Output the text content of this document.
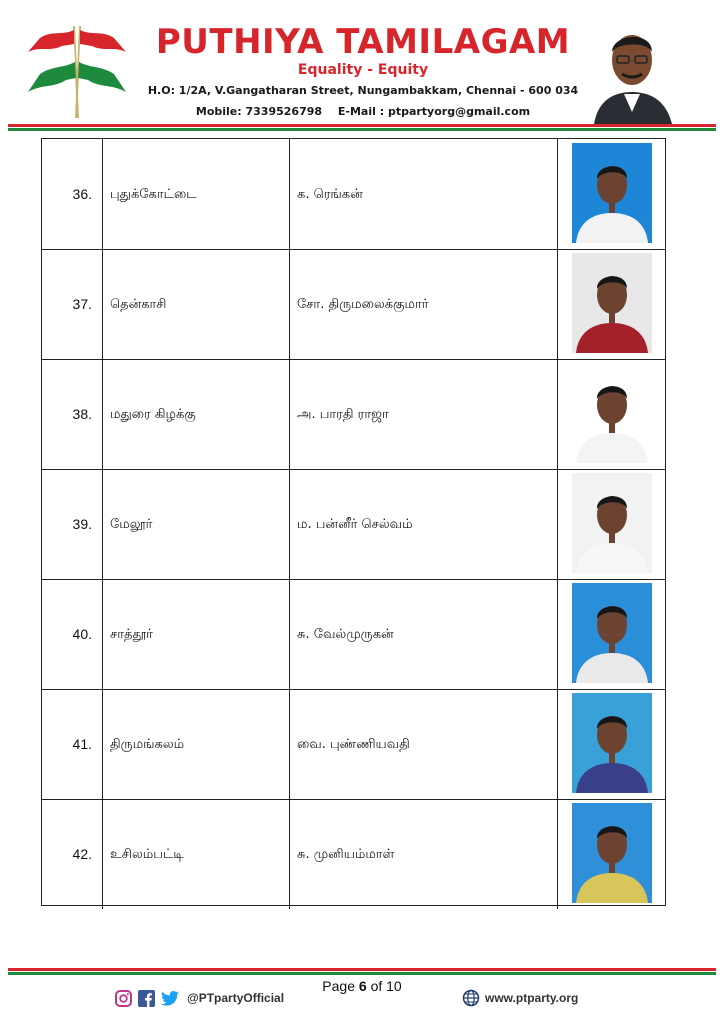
PUTHIYA TAMILAGAM
Equality - Equity
H.O: 1/2A, V.Gangatharan Street, Nungambakkam, Chennai - 600 034
Mobile: 7339526798 E-Mail : ptpartyorg@gmail.com
36. புதுக்கோட்டை	க. ரெங்கன்
37. தென்காசி	சோ. திருமலைக்குமார்
38. மதுரை கிழக்கு	அ. பாரதி ராஜா
39. மேலூர்	ம. பன்னீர் செல்வம்
40. சாத்தூர்	சு. வேல்முருகன்
41. திருமங்கலம்	வை. புண்ணியவதி
42. உசிலம்பட்டி	சு. முனியம்மாள்
Page 6 of 10
@PTpartyOfficial	www.ptparty.org
